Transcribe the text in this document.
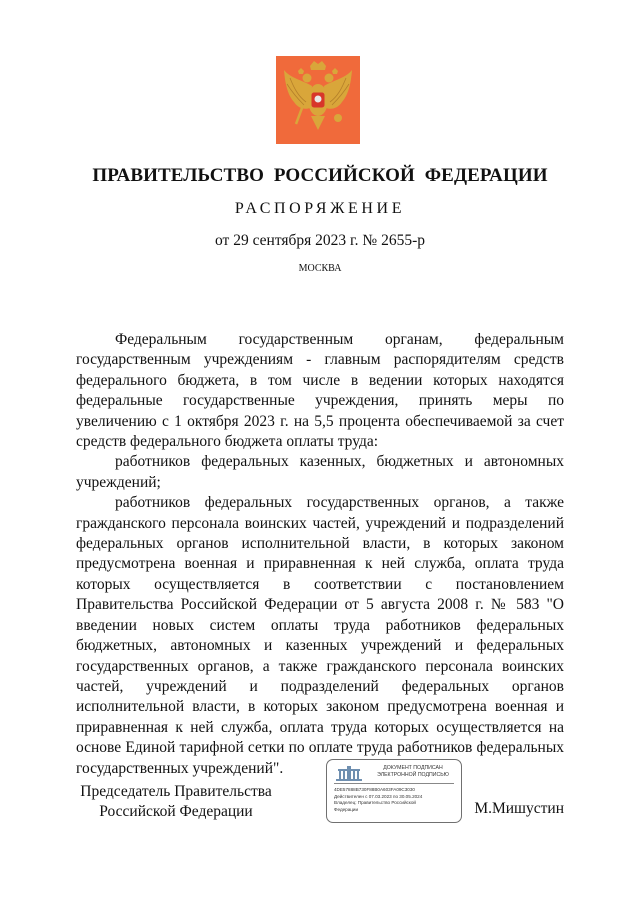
ПРАВИТЕЛЬСТВО РОССИЙСКОЙ ФЕДЕРАЦИИ
РАСПОРЯЖЕНИЕ
от 29 сентября 2023 г. № 2655-р
МОСКВА

Федеральным государственным органам, федеральным государственным учреждениям - главным распорядителям средств федерального бюджета, в том числе в ведении которых находятся федеральные государственные учреждения, принять меры по увеличению с 1 октября 2023 г. на 5,5 процента обеспечиваемой за счет средств федерального бюджета оплаты труда:

работников федеральных казенных, бюджетных и автономных учреждений;

работников федеральных государственных органов, а также гражданского персонала воинских частей, учреждений и подразделений федеральных органов исполнительной власти, в которых законом предусмотрена военная и приравненная к ней служба, оплата труда которых осуществляется в соответствии с постановлением Правительства Российской Федерации от 5 августа 2008 г. № 583 "О введении новых систем оплаты труда работников федеральных бюджетных, автономных и казенных учреждений и федеральных государственных органов, а также гражданского персонала воинских частей, учреждений и подразделений федеральных органов исполнительной власти, в которых законом предусмотрена военная и приравненная к ней служба, оплата труда которых осуществляется на основе Единой тарифной сетки по оплате труда работников федеральных государственных учреждений".

Председатель Правительства
Российской Федерации
ДОКУМЕНТ ПОДПИСАН
ЭЛЕКТРОННОЙ ПОДПИСЬЮ
4DE57888B730F88B0A603FA09C3030
Действителен с 07.03.2023 по 30.05.2024
Владелец: Правительство Российской
Федерации	М.Мишустин
